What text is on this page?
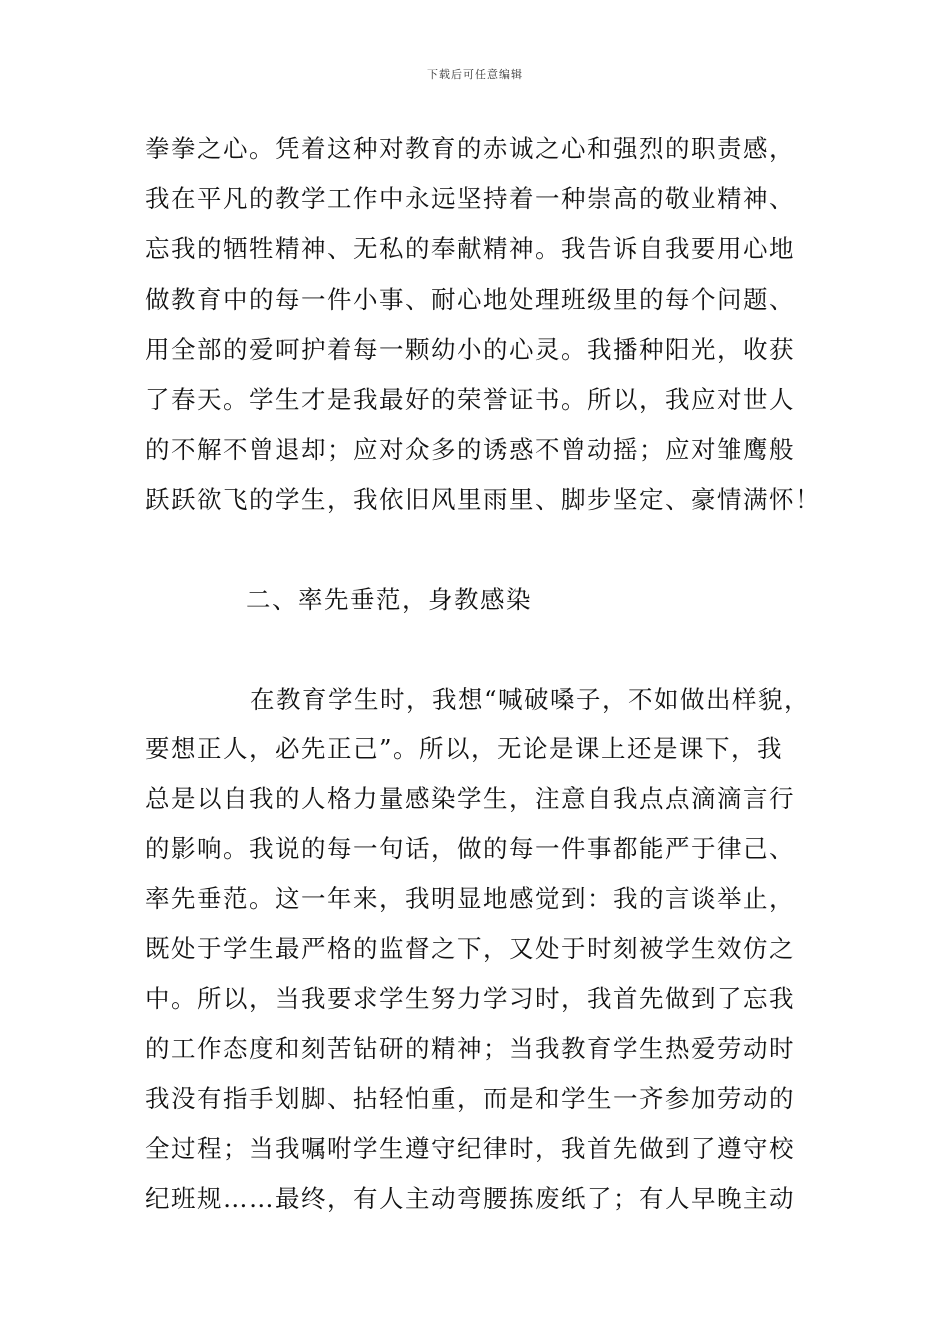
下载后可任意编辑
拳拳之心。凭着这种对教育的赤诚之心和强烈的职责感，
我在平凡的教学工作中永远坚持着一种崇高的敬业精神、
忘我的牺牲精神、无私的奉献精神。我告诉自我要用心地
做教育中的每一件小事、耐心地处理班级里的每个问题、
用全部的爱呵护着每一颗幼小的心灵。我播种阳光，收获
了春天。学生才是我最好的荣誉证书。所以，我应对世人
的不解不曾退却；应对众多的诱惑不曾动摇；应对雏鹰般
跃跃欲飞的学生，我依旧风里雨里、脚步坚定、豪情满怀！
二、率先垂范，身教感染
在教育学生时，我想“喊破嗓子，不如做出样貌，
要想正人，必先正己”。所以，无论是课上还是课下，我
总是以自我的人格力量感染学生，注意自我点点滴滴言行
的影响。我说的每一句话，做的每一件事都能严于律己、
率先垂范。这一年来，我明显地感觉到：我的言谈举止，
既处于学生最严格的监督之下，又处于时刻被学生效仿之
中。所以，当我要求学生努力学习时，我首先做到了忘我
的工作态度和刻苦钻研的精神；当我教育学生热爱劳动时
我没有指手划脚、拈轻怕重，而是和学生一齐参加劳动的
全过程；当我嘱咐学生遵守纪律时，我首先做到了遵守校
纪班规……最终，有人主动弯腰拣废纸了；有人早晚主动
